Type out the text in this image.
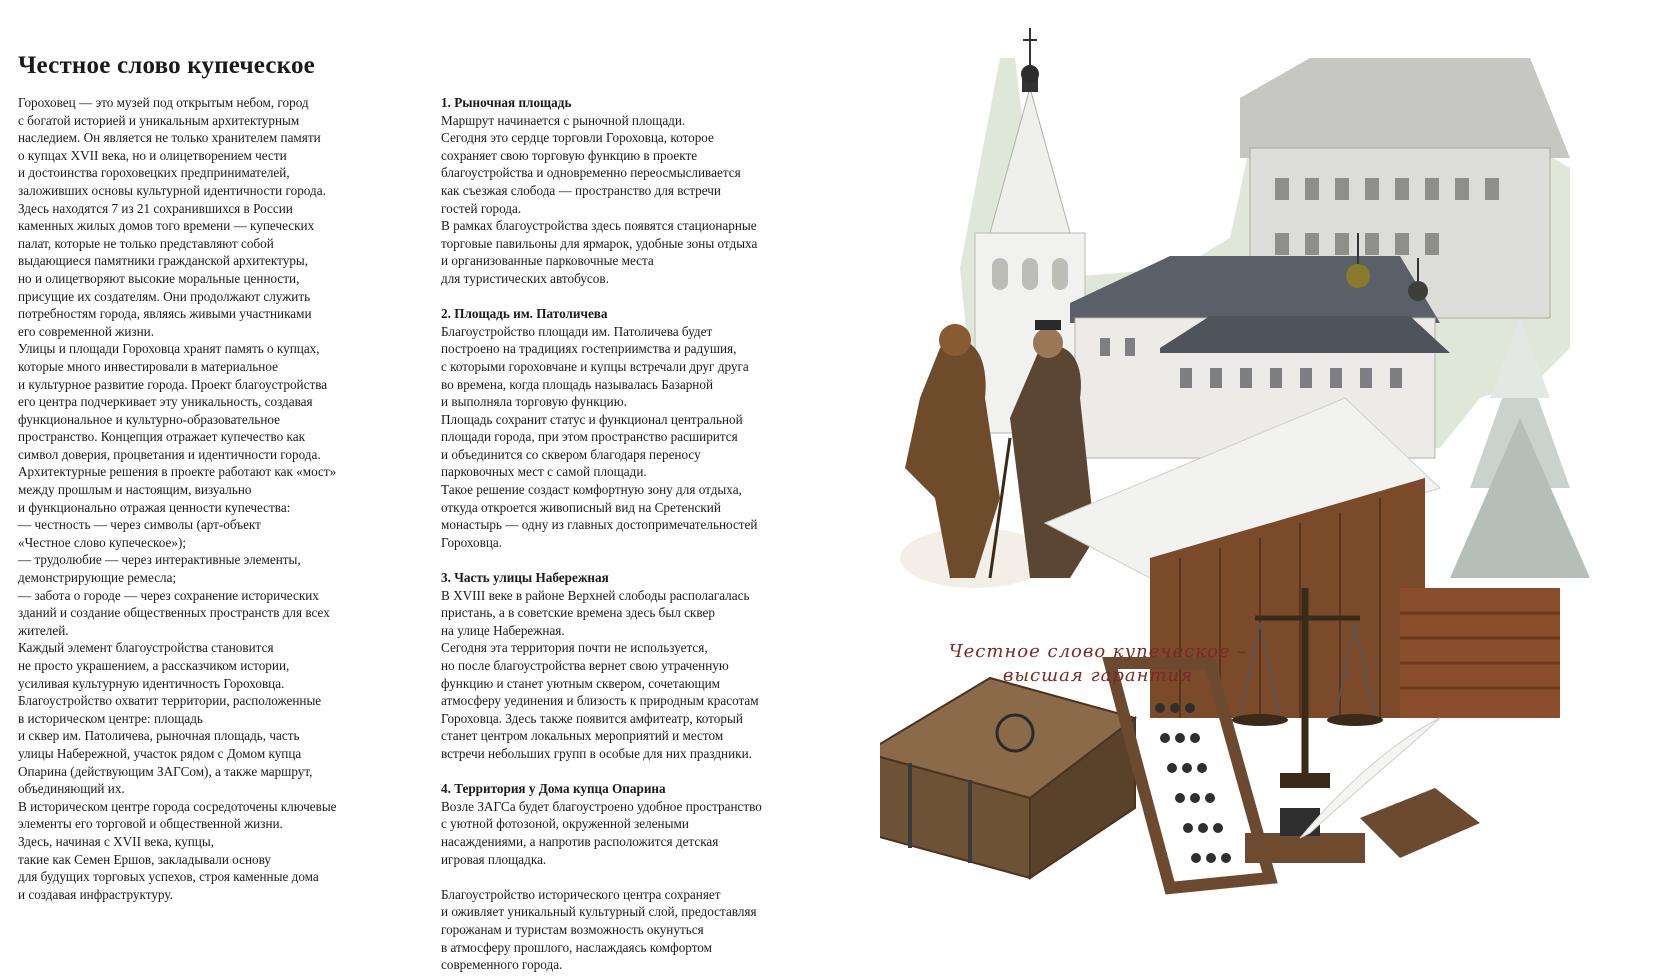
Честное слово купеческое

Гороховец — это музей под открытым небом, город
с богатой историей и уникальным архитектурным
наследием. Он является не только хранителем памяти
о купцах XVII века, но и олицетворением чести
и достоинства гороховецких предпринимателей,
заложивших основы культурной идентичности города.
Здесь находятся 7 из 21 сохранившихся в России
каменных жилых домов того времени — купеческих
палат, которые не только представляют собой
выдающиеся памятники гражданской архитектуры,
но и олицетворяют высокие моральные ценности,
присущие их создателям. Они продолжают служить
потребностям города, являясь живыми участниками
его современной жизни.
Улицы и площади Гороховца хранят память о купцах,
которые много инвестировали в материальное
и культурное развитие города. Проект благоустройства
его центра подчеркивает эту уникальность, создавая
функциональное и культурно-образовательное
пространство. Концепция отражает купечество как
символ доверия, процветания и идентичности города.
Архитектурные решения в проекте работают как «мост»
между прошлым и настоящим, визуально
и функционально отражая ценности купечества:
— честность — через символы (арт-объект
«Честное слово купеческое»);
— трудолюбие — через интерактивные элементы,
демонстрирующие ремесла;
— забота о городе — через сохранение исторических
зданий и создание общественных пространств для всех
жителей.
Каждый элемент благоустройства становится
не просто украшением, а рассказчиком истории,
усиливая культурную идентичность Гороховца.
Благоустройство охватит территории, расположенные
в историческом центре: площадь
и сквер им. Патоличева, рыночная площадь, часть
улицы Набережной, участок рядом с Домом купца
Опарина (действующим ЗАГСом), а также маршрут,
объединяющий их.
В историческом центре города сосредоточены ключевые
элементы его торговой и общественной жизни.
Здесь, начиная с XVII века, купцы,
такие как Семен Ершов, закладывали основу
для будущих торговых успехов, строя каменные дома
и создавая инфраструктуру.

1. Рыночная площадь

Маршрут начинается с рыночной площади.
Сегодня это сердце торговли Гороховца, которое
сохраняет свою торговую функцию в проекте
благоустройства и одновременно переосмысливается
как съезжая слобода — пространство для встречи
гостей города.
В рамках благоустройства здесь появятся стационарные
торговые павильоны для ярмарок, удобные зоны отдыха
и организованные парковочные места
для туристических автобусов.

2. Площадь им. Патоличева

Благоустройство площади им. Патоличева будет
построено на традициях гостеприимства и радушия,
с которыми гороховчане и купцы встречали друг друга
во времена, когда площадь называлась Базарной
и выполняла торговую функцию.
Площадь сохранит статус и функционал центральной
площади города, при этом пространство расширится
и объединится со сквером благодаря переносу
парковочных мест с самой площади.
Такое решение создаст комфортную зону для отдыха,
откуда откроется живописный вид на Сретенский
монастырь — одну из главных достопримечательностей
Гороховца.

3. Часть улицы Набережная

В XVIII веке в районе Верхней слободы располагалась
пристань, а в советские времена здесь был сквер
на улице Набережная.
Сегодня эта территория почти не используется,
но после благоустройства вернет свою утраченную
функцию и станет уютным сквером, сочетающим
атмосферу уединения и близость к природным красотам
Гороховца. Здесь также появится амфитеатр, который
станет центром локальных мероприятий и местом
встречи небольших групп в особые для них праздники.

4. Территория у Дома купца Опарина

Возле ЗАГСа будет благоустроено удобное пространство
с уютной фотозоной, окруженной зелеными
насаждениями, а напротив расположится детская
игровая площадка.

Благоустройство исторического центра сохраняет
и оживляет уникальный культурный слой, предоставляя
горожанам и туристам возможность окунуться
в атмосферу прошлого, наслаждаясь комфортом
современного города.

Честное слово купеческое –
высшая гарантия
